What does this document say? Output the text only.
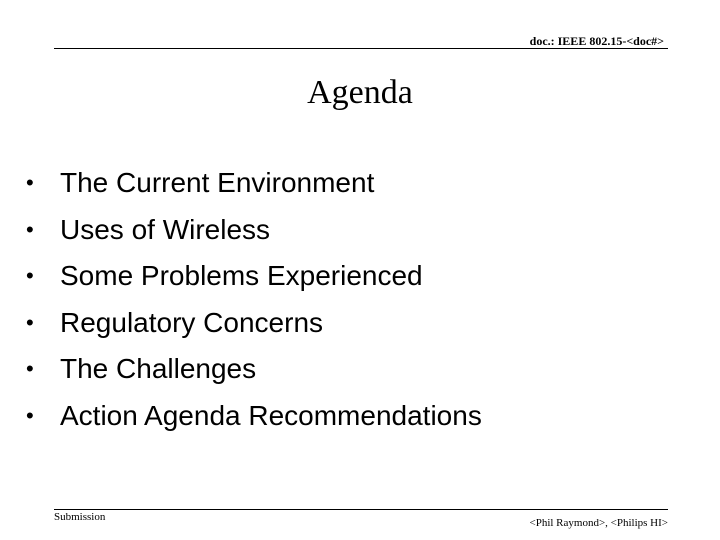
doc.: IEEE 802.15-<doc#>
Agenda
• The Current Environment
• Uses of Wireless
• Some Problems Experienced
• Regulatory Concerns
• The Challenges
• Action Agenda Recommendations
Submission	<Phil Raymond>, <Philips HI>
